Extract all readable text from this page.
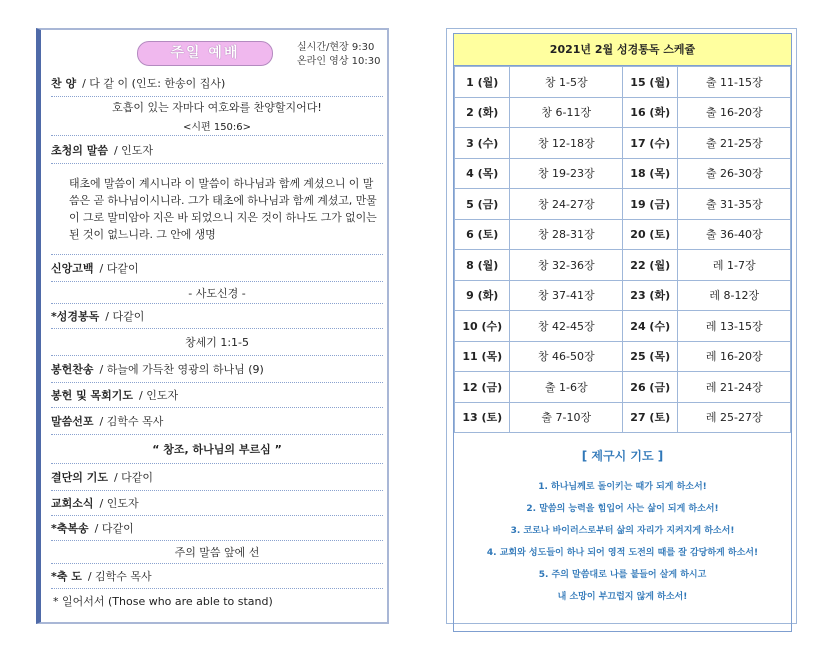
주일 예배	실시간/현장 9:30
온라인 영상 10:30
찬 양 / 다 같 이 (인도: 한송이 집사)
호흡이 있는 자마다 여호와를 찬양할지어다!
<시편 150:6>
초청의 말씀 / 인도자
태초에 말씀이 계시니라 이 말씀이 하나님과 함께 계셨으니 이 말씀은 곧 하나님이시니라. 그가 태초에 하나님과 함께 계셨고, 만물이 그로 말미암아 지은 바 되었으니 지은 것이 하나도 그가 없이는 된 것이 없느니라. 그 안에 생명
신앙고백 / 다같이
- 사도신경 -
*성경봉독 / 다같이
창세기 1:1-5
봉헌찬송 / 하늘에 가득찬 영광의 하나님 (9)
봉헌 및 목회기도 / 인도자
말씀선포 / 김학수 목사
“ 창조, 하나님의 부르심 ”
결단의 기도 / 다같이
교회소식 / 인도자
*축복송 / 다같이
주의 말씀 앞에 선
*축 도 / 김학수 목사
* 일어서서 (Those who are able to stand)
2021년 2월 성경통독 스케쥴
1 (월)	창 1-5장	15 (월)	출 11-15장
2 (화)	창 6-11장	16 (화)	출 16-20장
3 (수)	창 12-18장	17 (수)	출 21-25장
4 (목)	창 19-23장	18 (목)	출 26-30장
5 (금)	창 24-27장	19 (금)	출 31-35장
6 (토)	창 28-31장	20 (토)	출 36-40장
8 (월)	창 32-36장	22 (월)	레 1-7장
9 (화)	창 37-41장	23 (화)	레 8-12장
10 (수)	창 42-45장	24 (수)	레 13-15장
11 (목)	창 46-50장	25 (목)	레 16-20장
12 (금)	출 1-6장	26 (금)	레 21-24장
13 (토)	출 7-10장	27 (토)	레 25-27장
[ 제구시 기도 ]
1. 하나님께로 돌이키는 때가 되게 하소서!
2. 말씀의 능력을 힘입어 사는 삶이 되게 하소서!
3. 코로나 바이러스로부터 삶의 자리가 지켜지게 하소서!
4. 교회와 성도들이 하나 되어 영적 도전의 때를 잘 감당하게 하소서!
5. 주의 말씀대로 나를 붙들어 살게 하시고
내 소망이 부끄럽지 않게 하소서!
